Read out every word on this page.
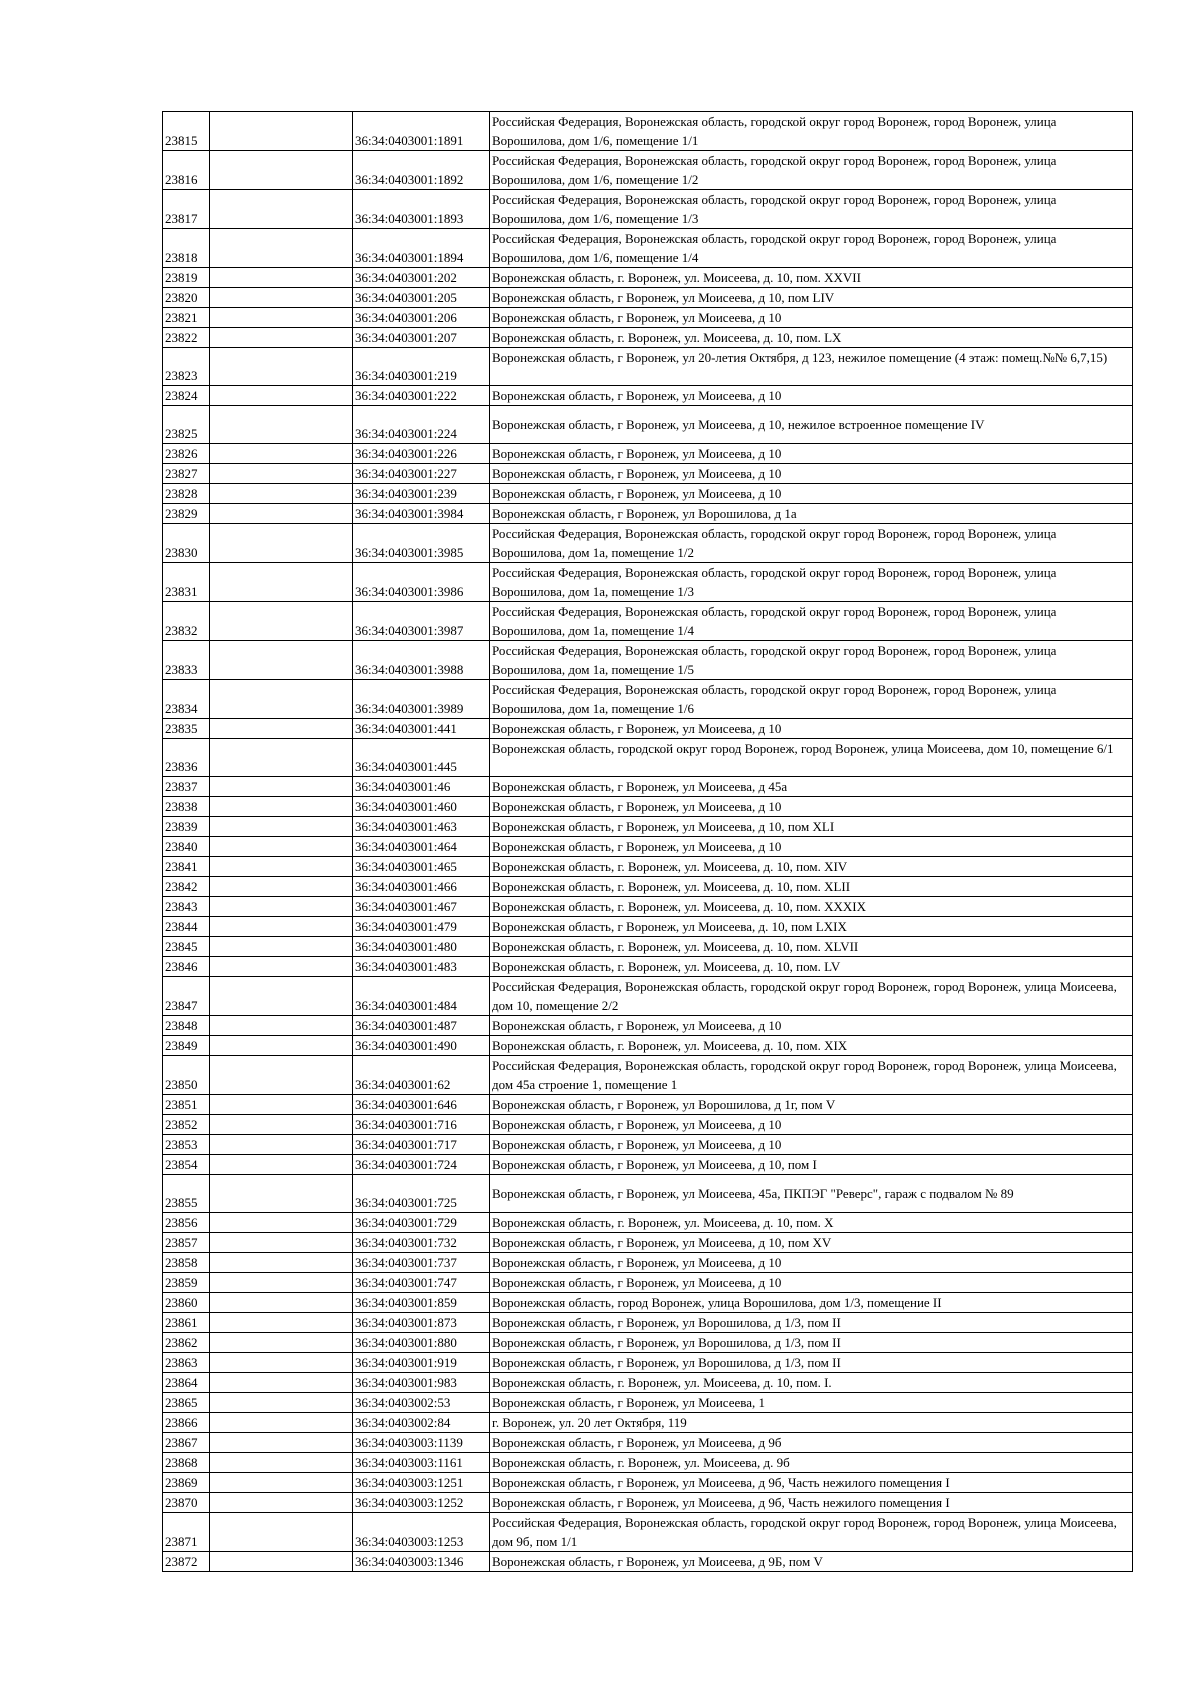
23815		36:34:0403001:1891	Российская Федерация, Воронежская область, городской округ город Воронеж, город Воронеж, улица Ворошилова, дом 1/6, помещение 1/1
23816		36:34:0403001:1892	Российская Федерация, Воронежская область, городской округ город Воронеж, город Воронеж, улица Ворошилова, дом 1/6, помещение 1/2
23817		36:34:0403001:1893	Российская Федерация, Воронежская область, городской округ город Воронеж, город Воронеж, улица Ворошилова, дом 1/6, помещение 1/3
23818		36:34:0403001:1894	Российская Федерация, Воронежская область, городской округ город Воронеж, город Воронеж, улица Ворошилова, дом 1/6, помещение 1/4
23819		36:34:0403001:202	Воронежская область, г. Воронеж, ул. Моисеева, д. 10, пом. XXVII
23820		36:34:0403001:205	Воронежская область, г Воронеж, ул Моисеева, д 10, пом LIV
23821		36:34:0403001:206	Воронежская область, г Воронеж, ул Моисеева, д 10
23822		36:34:0403001:207	Воронежская область, г. Воронеж, ул. Моисеева, д. 10, пом. LX
23823		36:34:0403001:219	Воронежская область, г Воронеж, ул 20-летия Октября, д 123, нежилое помещение (4 этаж: помещ.№№ 6,7,15)
23824		36:34:0403001:222	Воронежская область, г Воронеж, ул Моисеева, д 10
23825		36:34:0403001:224	Воронежская область, г Воронеж, ул Моисеева, д 10, нежилое встроенное помещение IV
23826		36:34:0403001:226	Воронежская область, г Воронеж, ул Моисеева, д 10
23827		36:34:0403001:227	Воронежская область, г Воронеж, ул Моисеева, д 10
23828		36:34:0403001:239	Воронежская область, г Воронеж, ул Моисеева, д 10
23829		36:34:0403001:3984	Воронежская область, г Воронеж, ул Ворошилова, д 1а
23830		36:34:0403001:3985	Российская Федерация, Воронежская область, городской округ город Воронеж, город Воронеж, улица Ворошилова, дом 1а, помещение 1/2
23831		36:34:0403001:3986	Российская Федерация, Воронежская область, городской округ город Воронеж, город Воронеж, улица Ворошилова, дом 1а, помещение 1/3
23832		36:34:0403001:3987	Российская Федерация, Воронежская область, городской округ город Воронеж, город Воронеж, улица Ворошилова, дом 1а, помещение 1/4
23833		36:34:0403001:3988	Российская Федерация, Воронежская область, городской округ город Воронеж, город Воронеж, улица Ворошилова, дом 1а, помещение 1/5
23834		36:34:0403001:3989	Российская Федерация, Воронежская область, городской округ город Воронеж, город Воронеж, улица Ворошилова, дом 1а, помещение 1/6
23835		36:34:0403001:441	Воронежская область, г Воронеж, ул Моисеева, д 10
23836		36:34:0403001:445	Воронежская область, городской округ город Воронеж, город Воронеж, улица Моисеева, дом 10, помещение 6/1
23837		36:34:0403001:46	Воронежская область, г Воронеж, ул Моисеева, д 45а
23838		36:34:0403001:460	Воронежская область, г Воронеж, ул Моисеева, д 10
23839		36:34:0403001:463	Воронежская область, г Воронеж, ул Моисеева, д 10, пом XLI
23840		36:34:0403001:464	Воронежская область, г Воронеж, ул Моисеева, д 10
23841		36:34:0403001:465	Воронежская область, г. Воронеж, ул. Моисеева, д. 10, пом. XIV
23842		36:34:0403001:466	Воронежская область, г. Воронеж, ул. Моисеева, д. 10, пом. XLII
23843		36:34:0403001:467	Воронежская область, г. Воронеж, ул. Моисеева, д. 10, пом. XXXIX
23844		36:34:0403001:479	Воронежская область, г Воронеж, ул Моисеева, д. 10, пом LXIX
23845		36:34:0403001:480	Воронежская область, г. Воронеж, ул. Моисеева, д. 10, пом. XLVII
23846		36:34:0403001:483	Воронежская область, г. Воронеж, ул. Моисеева, д. 10, пом. LV
23847		36:34:0403001:484	Российская Федерация, Воронежская область, городской округ город Воронеж, город Воронеж, улица Моисеева, дом 10, помещение 2/2
23848		36:34:0403001:487	Воронежская область, г Воронеж, ул Моисеева, д 10
23849		36:34:0403001:490	Воронежская область, г. Воронеж, ул. Моисеева, д. 10, пом. XIX
23850		36:34:0403001:62	Российская Федерация, Воронежская область, городской округ город Воронеж, город Воронеж, улица Моисеева, дом 45а строение 1, помещение 1
23851		36:34:0403001:646	Воронежская область, г Воронеж, ул Ворошилова, д 1г, пом V
23852		36:34:0403001:716	Воронежская область, г Воронеж, ул Моисеева, д 10
23853		36:34:0403001:717	Воронежская область, г Воронеж, ул Моисеева, д 10
23854		36:34:0403001:724	Воронежская область, г Воронеж, ул Моисеева, д 10, пом I
23855		36:34:0403001:725	Воронежская область, г Воронеж, ул Моисеева, 45а, ПКПЭГ "Реверс", гараж с подвалом № 89
23856		36:34:0403001:729	Воронежская область, г. Воронеж, ул. Моисеева, д. 10, пом. X
23857		36:34:0403001:732	Воронежская область, г Воронеж, ул Моисеева, д 10, пом XV
23858		36:34:0403001:737	Воронежская область, г Воронеж, ул Моисеева, д 10
23859		36:34:0403001:747	Воронежская область, г Воронеж, ул Моисеева, д 10
23860		36:34:0403001:859	Воронежская область, город Воронеж, улица Ворошилова, дом 1/3, помещение II
23861		36:34:0403001:873	Воронежская область, г Воронеж, ул Ворошилова, д 1/3, пом II
23862		36:34:0403001:880	Воронежская область, г Воронеж, ул Ворошилова, д 1/3, пом II
23863		36:34:0403001:919	Воронежская область, г Воронеж, ул Ворошилова, д 1/3, пом II
23864		36:34:0403001:983	Воронежская область, г. Воронеж, ул. Моисеева, д. 10, пом. I.
23865		36:34:0403002:53	Воронежская область, г Воронеж, ул Моисеева, 1
23866		36:34:0403002:84	г. Воронеж, ул. 20 лет Октября, 119
23867		36:34:0403003:1139	Воронежская область, г Воронеж, ул Моисеева, д 9б
23868		36:34:0403003:1161	Воронежская область, г. Воронеж, ул. Моисеева, д. 9б
23869		36:34:0403003:1251	Воронежская область, г Воронеж, ул Моисеева, д 9б, Часть нежилого помещения I
23870		36:34:0403003:1252	Воронежская область, г Воронеж, ул Моисеева, д 9б, Часть нежилого помещения I
23871		36:34:0403003:1253	Российская Федерация, Воронежская область, городской округ город Воронеж, город Воронеж, улица Моисеева, дом 9б, пом 1/1
23872		36:34:0403003:1346	Воронежская область, г Воронеж, ул Моисеева, д 9Б, пом V
